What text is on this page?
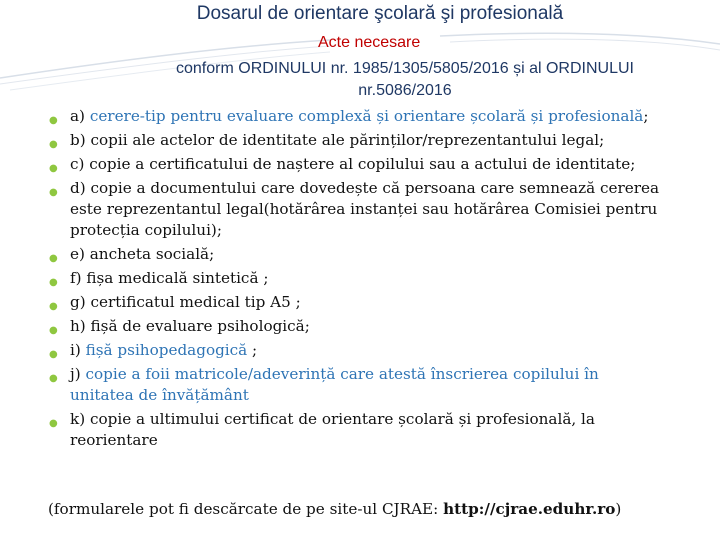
Dosarul de orientare şcolară şi profesională
Acte necesare
conform ORDINULUI nr. 1985/1305/5805/2016 și al ORDINULUI nr.5086/2016
● a) cerere-tip pentru evaluare complexă și orientare școlară și profesională;
● b) copii ale actelor de identitate ale părinților/reprezentantului legal;
● c) copie a certificatului de naștere al copilului sau a actului de identitate;
● d) copie a documentului care dovedește că persoana care semnează cererea este reprezentantul legal(hotărârea instanței sau hotărârea Comisiei pentru protecția copilului);
● e) ancheta socială;
● f) fișa medicală sintetică ;
● g) certificatul medical tip A5 ;
● h) fișă de evaluare psihologică;
● i) fișă psihopedagogică ;
● j) copie a foii matricole/adeverință care atestă înscrierea copilului în unitatea de învățământ
● k) copie a ultimului certificat de orientare școlară și profesională, la reorientare
(formularele pot fi descărcate de pe site-ul CJRAE: http://cjrae.eduhr.ro)
